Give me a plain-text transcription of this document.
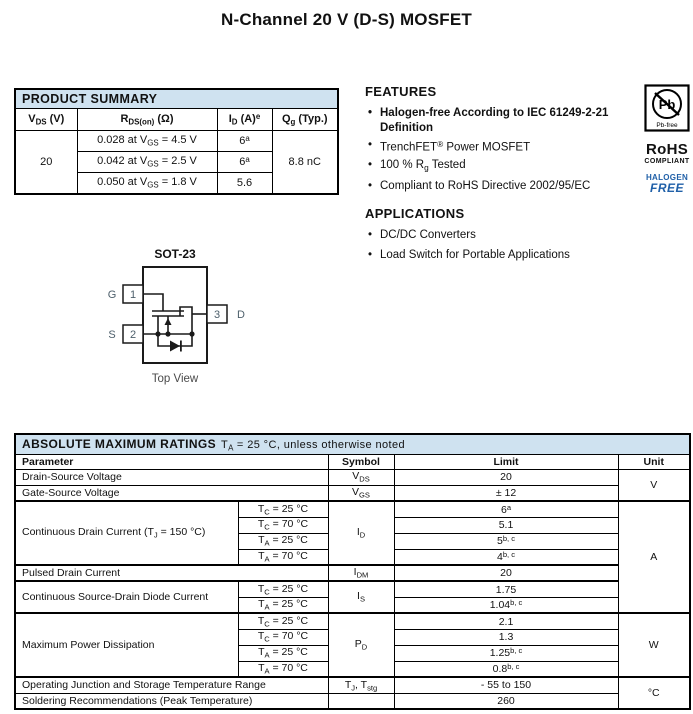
N-Channel 20 V (D-S) MOSFET
PRODUCT SUMMARY			
$V_{DS}$ (V)	$R_{DS(on)}$ (Ω)	$I_D$ $(A)^e$	$Q_g$ (Typ.)
20	0.028 at $V_{GS} = 4.5$ V	6$^a$	8.8 nC
	0.042 at $V_{GS} = 2.5$ V	6$^a$
	0.050 at $V_{GS} = 1.8$ V	5.6	
FEATURES
• Halogen-free According to IEC 61249-2-21 Definition
• TrenchFET® Power MOSFET
• 100 % $R_g$ Tested
• Compliant to RoHS Directive 2002/95/EC
APPLICATIONS
• DC/DC Converters
• Load Switch for Portable Applications
Pb
Pb-free
RoHS
COMPLIANT
HALOGEN
FREE
SOT-23
G
S
D
1
2
3
Top View
ABSOLUTE MAXIMUM RATINGS $T_A = 25$ °C, unless otherwise noted				
Parameter		Symbol	Limit	Unit
Drain-Source Voltage		$V_{DS}$	20	V
Gate-Source Voltage		$V_{GS}$	± 12	
Continuous Drain Current ($T_J = 150$ °C)	$T_C = 25$ °C	$I_D$	6$^a$	A
	$T_C = 70$ °C		5.1	
	$T_A = 25$ °C		5$^{b, c}$
	$T_A = 70$ °C		4$^{b, c}$
Pulsed Drain Current		$I_{DM}$	20	
Continuous Source-Drain Diode Current	$T_C = 25$ °C	$I_S$	1.75	
	$T_A = 25$ °C		1.04$^{b, c}$
Maximum Power Dissipation	$T_C = 25$ °C	$P_D$	2.1	W
	$T_C = 70$ °C		1.3	
	$T_A = 25$ °C		1.25$^{b, c}$
	$T_A = 70$ °C		0.8$^{b, c}$
Operating Junction and Storage Temperature Range		$T_J$, $T_{stg}$	- 55 to 150	°C
Soldering Recommendations (Peak Temperature)			260	
